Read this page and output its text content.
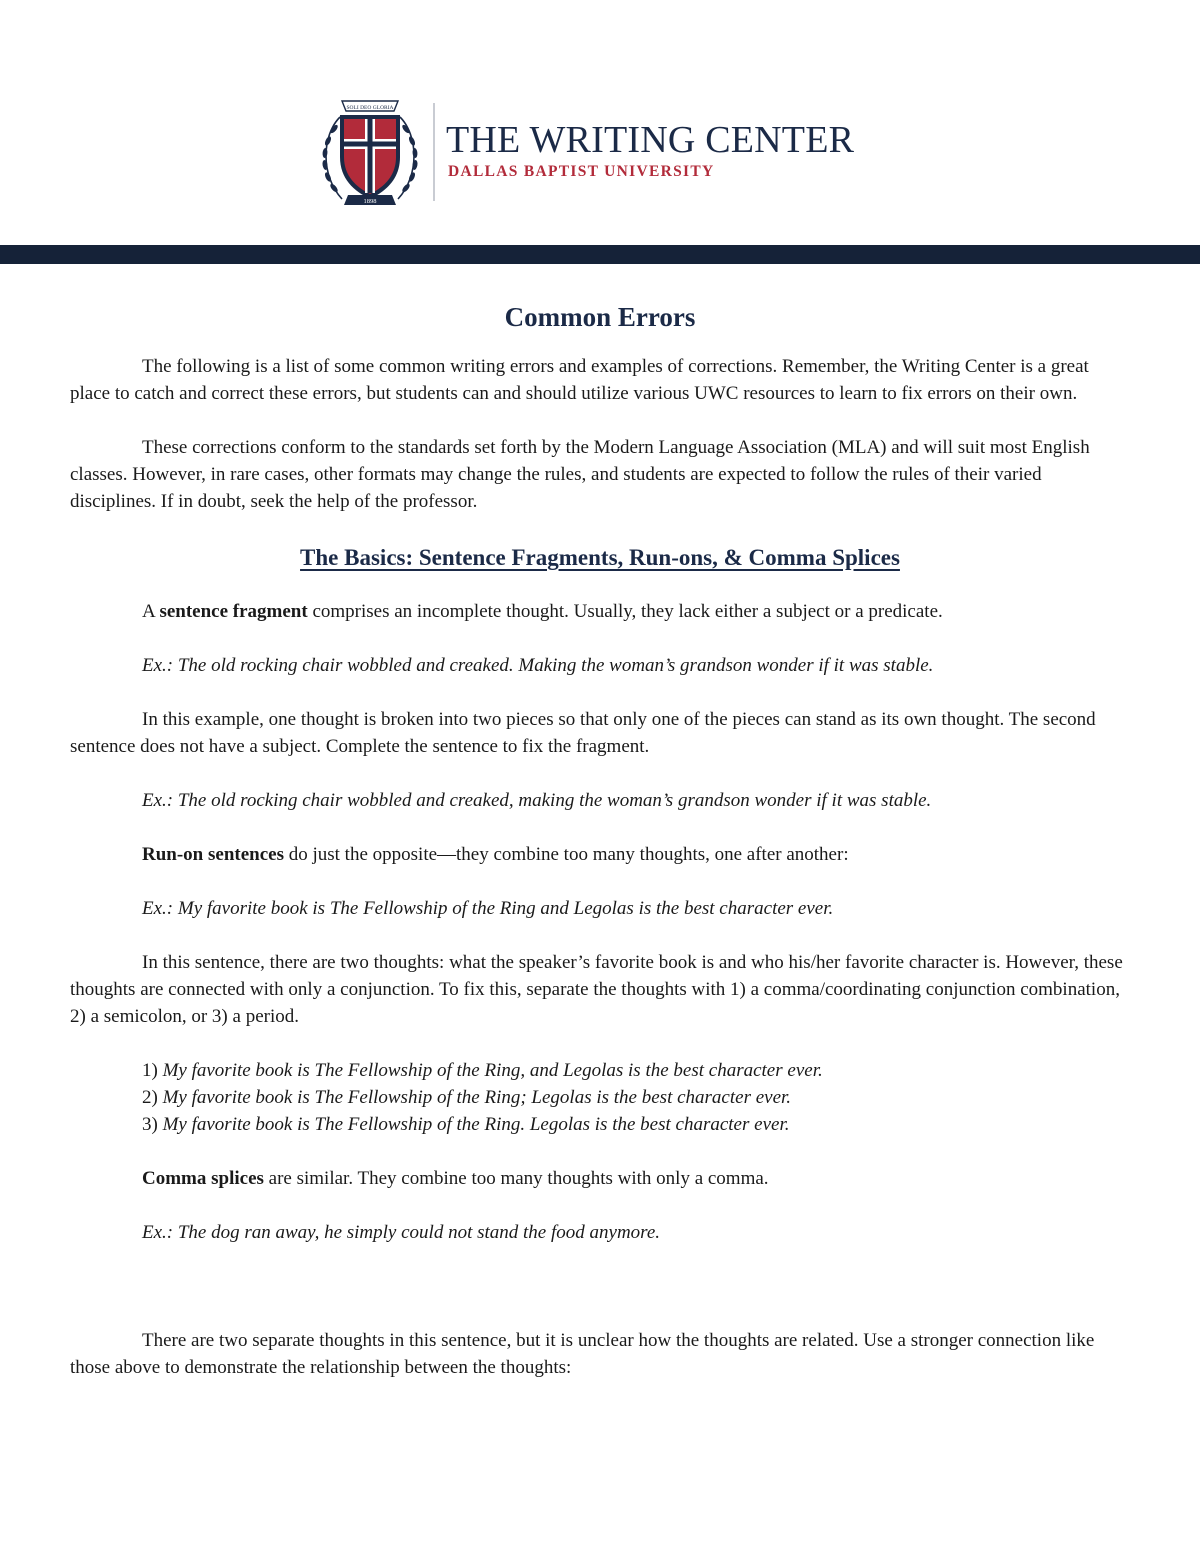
SOLI DEO GLORIA
1898
THE WRITING CENTER
DALLAS BAPTIST UNIVERSITY
Common Errors

The following is a list of some common writing errors and examples of corrections. Remember, the Writing Center is a great place to catch and correct these errors, but students can and should utilize various UWC resources to learn to fix errors on their own.

These corrections conform to the standards set forth by the Modern Language Association (MLA) and will suit most English classes. However, in rare cases, other formats may change the rules, and students are expected to follow the rules of their varied disciplines. If in doubt, seek the help of the professor.

The Basics: Sentence Fragments, Run-ons, & Comma Splices

A sentence fragment comprises an incomplete thought. Usually, they lack either a subject or a predicate.

Ex.: The old rocking chair wobbled and creaked. Making the woman’s grandson wonder if it was stable.

In this example, one thought is broken into two pieces so that only one of the pieces can stand as its own thought. The second sentence does not have a subject. Complete the sentence to fix the fragment.

Ex.: The old rocking chair wobbled and creaked, making the woman’s grandson wonder if it was stable.

Run-on sentences do just the opposite—they combine too many thoughts, one after another:

Ex.: My favorite book is The Fellowship of the Ring and Legolas is the best character ever.

In this sentence, there are two thoughts: what the speaker’s favorite book is and who his/her favorite character is. However, these thoughts are connected with only a conjunction. To fix this, separate the thoughts with 1) a comma/coordinating conjunction combination, 2) a semicolon, or 3) a period.

1) My favorite book is The Fellowship of the Ring, and Legolas is the best character ever.
2) My favorite book is The Fellowship of the Ring; Legolas is the best character ever.
3) My favorite book is The Fellowship of the Ring. Legolas is the best character ever.

Comma splices are similar. They combine too many thoughts with only a comma.

Ex.: The dog ran away, he simply could not stand the food anymore.

There are two separate thoughts in this sentence, but it is unclear how the thoughts are related. Use a stronger connection like those above to demonstrate the relationship between the thoughts:
